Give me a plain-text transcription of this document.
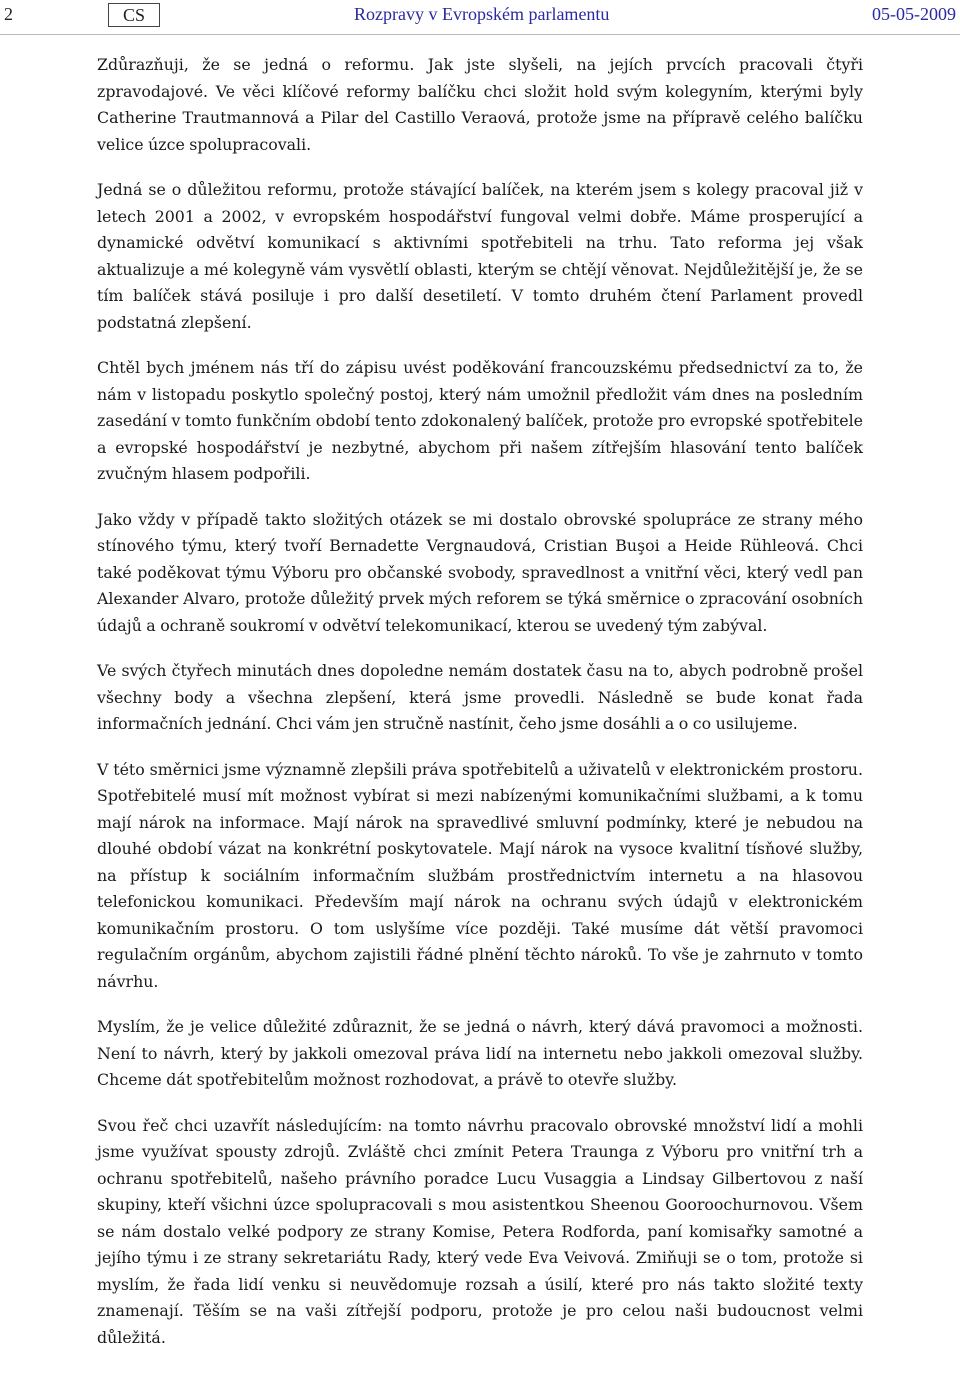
2	CS	Rozpravy v Evropském parlamentu	05-05-2009

Zdůrazňuji, že se jedná o reformu. Jak jste slyšeli, na jejích prvcích pracovali čtyři zpravodajové. Ve věci klíčové reformy balíčku chci složit hold svým kolegyním, kterými byly Catherine Trautmannová a Pilar del Castillo Veraová, protože jsme na přípravě celého balíčku velice úzce spolupracovali.

Jedná se o důležitou reformu, protože stávající balíček, na kterém jsem s kolegy pracoval již v letech 2001 a 2002, v evropském hospodářství fungoval velmi dobře. Máme prosperující a dynamické odvětví komunikací s aktivními spotřebiteli na trhu. Tato reforma jej však aktualizuje a mé kolegyně vám vysvětlí oblasti, kterým se chtějí věnovat. Nejdůležitější je, že se tím balíček stává posiluje i pro další desetiletí. V tomto druhém čtení Parlament provedl podstatná zlepšení.

Chtěl bych jménem nás tří do zápisu uvést poděkování francouzskému předsednictví za to, že nám v listopadu poskytlo společný postoj, který nám umožnil předložit vám dnes na posledním zasedání v tomto funkčním období tento zdokonalený balíček, protože pro evropské spotřebitele a evropské hospodářství je nezbytné, abychom při našem zítřejším hlasování tento balíček zvučným hlasem podpořili.

Jako vždy v případě takto složitých otázek se mi dostalo obrovské spolupráce ze strany mého stínového týmu, který tvoří Bernadette Vergnaudová, Cristian Buşoi a Heide Rühleová. Chci také poděkovat týmu Výboru pro občanské svobody, spravedlnost a vnitřní věci, který vedl pan Alexander Alvaro, protože důležitý prvek mých reforem se týká směrnice o zpracování osobních údajů a ochraně soukromí v odvětví telekomunikací, kterou se uvedený tým zabýval.

Ve svých čtyřech minutách dnes dopoledne nemám dostatek času na to, abych podrobně prošel všechny body a všechna zlepšení, která jsme provedli. Následně se bude konat řada informačních jednání. Chci vám jen stručně nastínit, čeho jsme dosáhli a o co usilujeme.

V této směrnici jsme významně zlepšili práva spotřebitelů a uživatelů v elektronickém prostoru. Spotřebitelé musí mít možnost vybírat si mezi nabízenými komunikačními službami, a k tomu mají nárok na informace. Mají nárok na spravedlivé smluvní podmínky, které je nebudou na dlouhé období vázat na konkrétní poskytovatele. Mají nárok na vysoce kvalitní tísňové služby, na přístup k sociálním informačním službám prostřednictvím internetu a na hlasovou telefonickou komunikaci. Především mají nárok na ochranu svých údajů v elektronickém komunikačním prostoru. O tom uslyšíme více později. Také musíme dát větší pravomoci regulačním orgánům, abychom zajistili řádné plnění těchto nároků. To vše je zahrnuto v tomto návrhu.

Myslím, že je velice důležité zdůraznit, že se jedná o návrh, který dává pravomoci a možnosti. Není to návrh, který by jakkoli omezoval práva lidí na internetu nebo jakkoli omezoval služby. Chceme dát spotřebitelům možnost rozhodovat, a právě to otevře služby.

Svou řeč chci uzavřít následujícím: na tomto návrhu pracovalo obrovské množství lidí a mohli jsme využívat spousty zdrojů. Zvláště chci zmínit Petera Traunga z Výboru pro vnitřní trh a ochranu spotřebitelů, našeho právního poradce Lucu Vusaggia a Lindsay Gilbertovou z naší skupiny, kteří všichni úzce spolupracovali s mou asistentkou Sheenou Gooroochurnovou. Všem se nám dostalo velké podpory ze strany Komise, Petera Rodforda, paní komisařky samotné a jejího týmu i ze strany sekretariátu Rady, který vede Eva Veivová. Zmiňuji se o tom, protože si myslím, že řada lidí venku si neuvědomuje rozsah a úsilí, které pro nás takto složité texty znamenají. Těším se na vaši zítřejší podporu, protože je pro celou naši budoucnost velmi důležitá.
